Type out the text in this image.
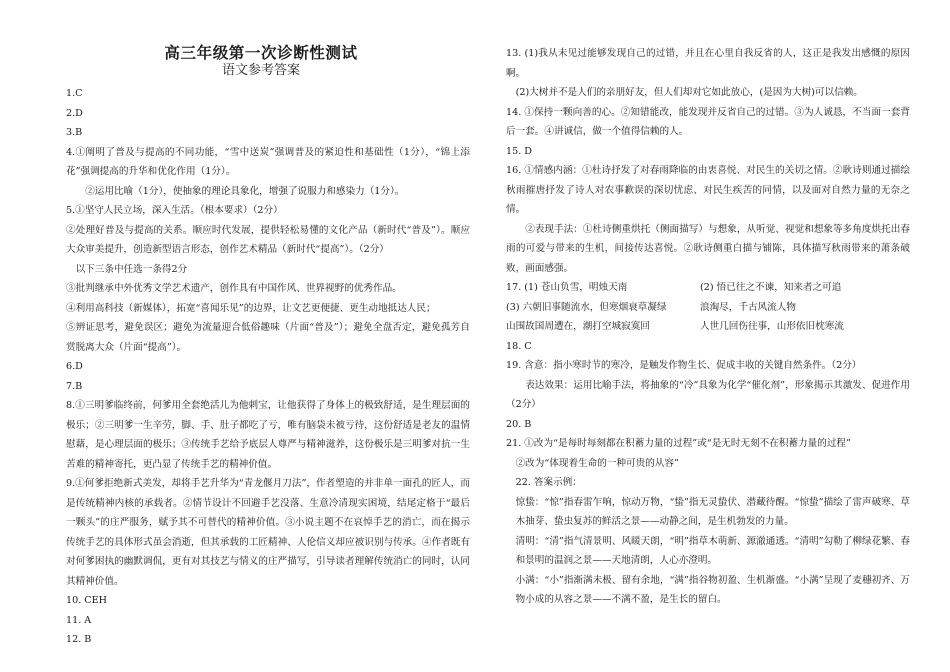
高三年级第一次诊断性测试
语文参考答案
1.C
2.D
3.B
4.①阐明了普及与提高的不同功能，“雪中送炭”强调普及的紧迫性和基础性（1分），“锦上添花”强调提高的升华和优化作用（1分）。
②运用比喻（1分），使抽象的理论具象化，增强了说服力和感染力（1分）。
5.①坚守人民立场，深入生活。（根本要求）（2分）
②处理好普及与提高的关系。顺应时代发展，提供轻松易懂的文化产品（新时代“普及”）。顺应大众审美提升，创造新型语言形态，创作艺术精品（新时代“提高”）。（2分）
以下三条中任选一条得2分
③批判继承中外优秀文学艺术遗产，创作具有中国作风、世界视野的优秀作品。
④利用高科技（新媒体），拓宽“喜闻乐见”的边界，让文艺更便捷、更生动地抵达人民；
⑤辨证思考，避免误区；避免为流量迎合低俗趣味（片面“普及”）；避免全盘否定，避免孤芳自赏脱离大众（片面“提高”）。
6.D
7.B
8.①三明爹临终前，何爹用全套绝活儿为他刺宝，让他获得了身体上的极致舒适，是生理层面的极乐；②三明爹一生辛劳，脚、手、肚子都吃了亏，唯有脑袋未被亏待，这份舒适是老友的温情慰藉，是心理层面的极乐；③传统手艺给予底层人尊严与精神滋养，这份极乐是三明爹对抗一生苦难的精神寄托，更凸显了传统手艺的精神价值。
9.①何爹拒绝新式美发，却将手艺升华为“青龙偃月刀法”，作者塑造的并非单一面孔的匠人，而是传统精神内核的承载者。②情节设计不回避手艺没落、生意冷清现实困境，结尾定格于“最后一颗头”的庄严服务，赋予其不可替代的精神价值。③小说主题不在哀悼手艺的消亡，而在揭示传统手艺的具体形式虽会消逝，但其承载的工匠精神、人伦信义却应被识别与传承。④作者既有对何爹困执的幽默调侃，更有对其技艺与情义的庄严描写，引导读者理解传统消亡的同时，认同其精神价值。
10. CEH
11. A
12. B
13. (1)我从未见过能够发现自己的过错，并且在心里自我反省的人，这正是我发出感慨的原因啊。
(2)大树并不是人们的亲朋好友，但人们却对它如此放心，(是因为大树)可以信赖。
14. ①保持一颗向善的心。②知错能改，能发现并反省自己的过错。③为人诚恳，不当面一套背后一套。④讲诚信，做一个值得信赖的人。
15. D
16. ①情感内涵：①杜诗抒发了对春雨降临的由衷喜悦、对民生的关切之情。②耿诗则通过描绘秋雨摧唐抒发了诗人对农事歉误的深切忧虑、对民生疾苦的同情，以及面对自然力量的无奈之情。
②表现手法：①杜诗侧重烘托（侧面描写）与想象，从听觉、视觉和想象等多角度烘托出春雨的可爱与带来的生机，间接传达喜悦。②耿诗侧重白描与铺陈，具体描写秋雨带来的萧条破败，画面感强。
17. (1) 苍山负雪，明烛天南	(2) 悟已往之不谏，知来者之可追
(3) 六朝旧事随流水，但寒烟衰草凝绿	浪淘尽，千古风流人物
山围故国周遭在，潮打空城寂寞回	人世几回伤往事，山形依旧枕寒流
18. C
19. 含意：指小寒时节的寒冷，是触发作物生长、促成丰收的关键自然条件。（2分）
表达效果：运用比喻手法，将抽象的“冷”具象为化学“催化剂”，形象揭示其激发、促进作用（2分）
20. B
21. ①改为“是每时每刻都在积蓄力量的过程”或“是无时无刻不在积蓄力量的过程”
②改为“体现着生命的一种可贵的从容”
22. 答案示例：
惊蛰：“惊”指春雷乍响，惊动万物，“蛰”指无灵蛰伏、潜藏待醒。“惊蛰”描绘了雷声破寒、草木抽芽、蛰虫复苏的鲜活之景——动静之间，是生机勃发的力量。
清明：“清”指气清景明、风暖天朗，“明”指草木萌新、源澈通透。“清明”勾勒了柳绿花繁、春和景明的温润之景——天地清朗，人心亦澄明。
小满：“小”指渐满未极、留有余地，“满”指谷物初盈、生机渐盛。“小满”呈现了麦穗初齐、万物小成的从容之景——不满不盈，是生长的留白。
